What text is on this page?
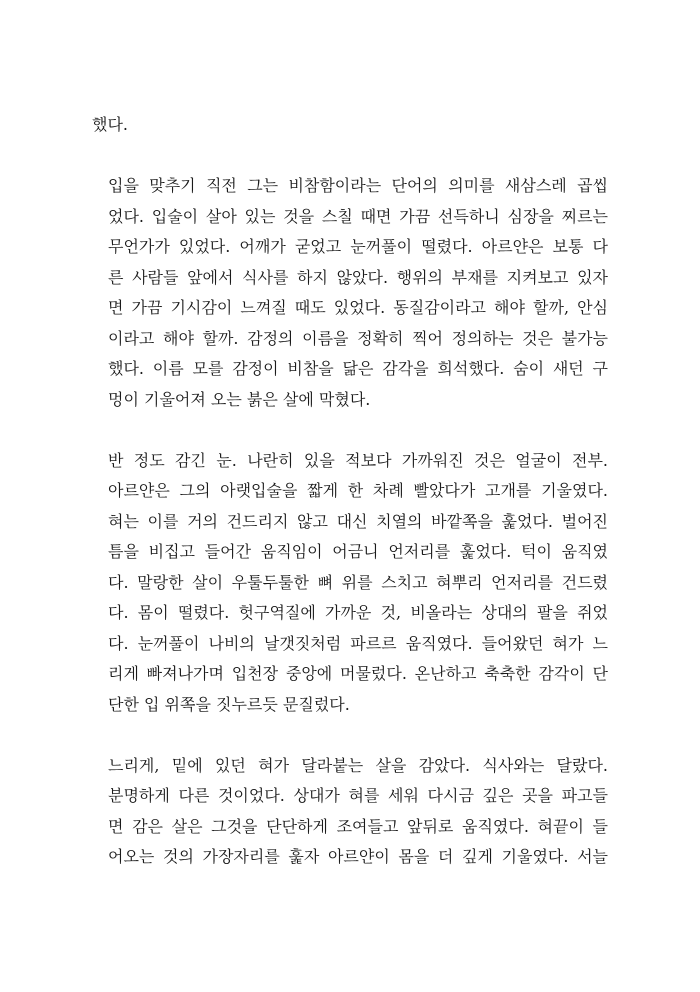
했다.
입을 맞추기 직전 그는 비참함이라는 단어의 의미를 새삼스레 곱씹
었다. 입술이 살아 있는 것을 스칠 때면 가끔 선득하니 심장을 찌르는
무언가가 있었다. 어깨가 굳었고 눈꺼풀이 떨렸다. 아르얀은 보통 다
른 사람들 앞에서 식사를 하지 않았다. 행위의 부재를 지켜보고 있자
면 가끔 기시감이 느껴질 때도 있었다. 동질감이라고 해야 할까, 안심
이라고 해야 할까. 감정의 이름을 정확히 찍어 정의하는 것은 불가능
했다. 이름 모를 감정이 비참을 닮은 감각을 희석했다. 숨이 새던 구
멍이 기울어져 오는 붉은 살에 막혔다.
반 정도 감긴 눈. 나란히 있을 적보다 가까워진 것은 얼굴이 전부.
아르얀은 그의 아랫입술을 짧게 한 차례 빨았다가 고개를 기울였다.
혀는 이를 거의 건드리지 않고 대신 치열의 바깥쪽을 훑었다. 벌어진
틈을 비집고 들어간 움직임이 어금니 언저리를 훑었다. 턱이 움직였
다. 말랑한 살이 우툴두툴한 뼈 위를 스치고 혀뿌리 언저리를 건드렸
다. 몸이 떨렸다. 헛구역질에 가까운 것, 비올라는 상대의 팔을 쥐었
다. 눈꺼풀이 나비의 날갯짓처럼 파르르 움직였다. 들어왔던 혀가 느
리게 빠져나가며 입천장 중앙에 머물렀다. 온난하고 축축한 감각이 단
단한 입 위쪽을 짓누르듯 문질렀다.
느리게, 밑에 있던 혀가 달라붙는 살을 감았다. 식사와는 달랐다.
분명하게 다른 것이었다. 상대가 혀를 세워 다시금 깊은 곳을 파고들
면 감은 살은 그것을 단단하게 조여들고 앞뒤로 움직였다. 혀끝이 들
어오는 것의 가장자리를 훑자 아르얀이 몸을 더 깊게 기울였다. 서늘
